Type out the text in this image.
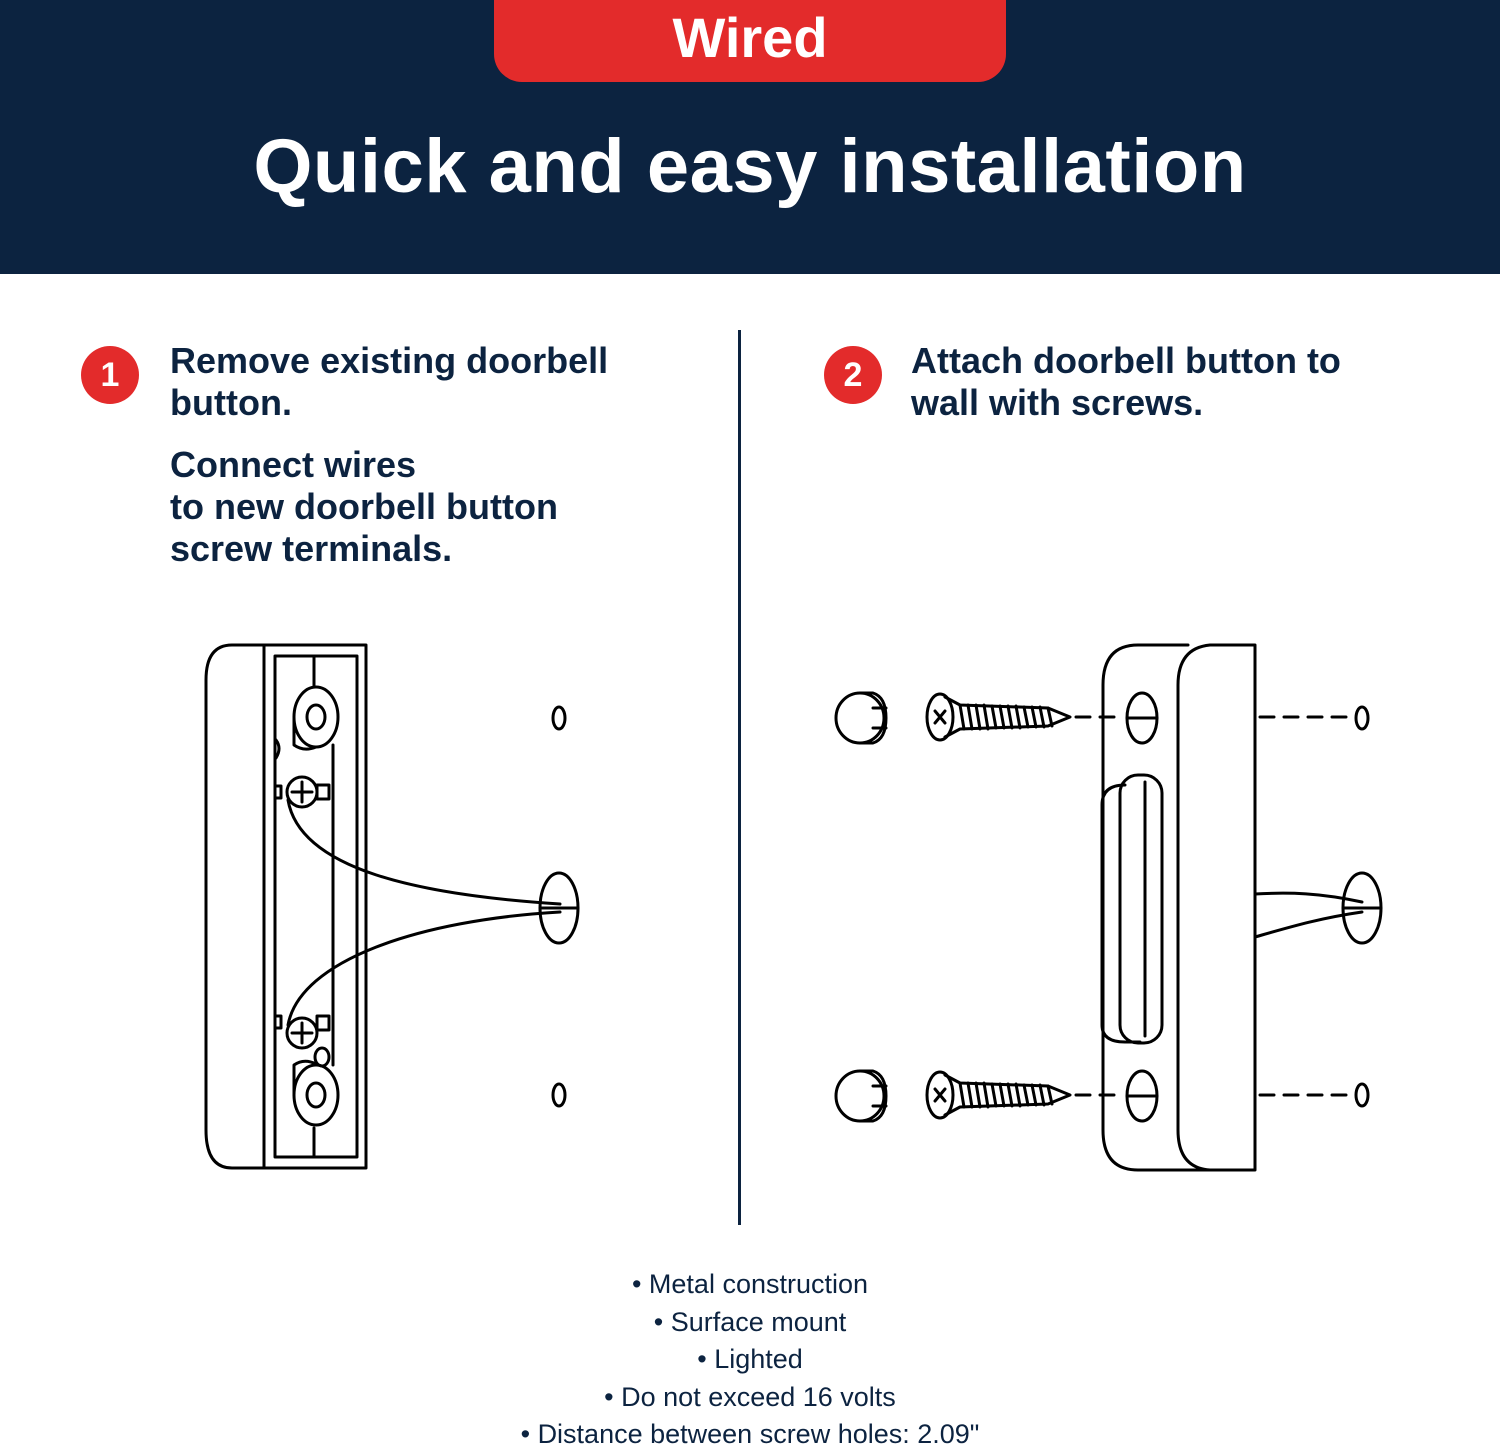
Wired
Quick and easy installation
1	Remove existing doorbell
button.
Connect wires
to new doorbell button
screw terminals.
2	Attach doorbell button to
wall with screws.
• Metal construction
• Surface mount
• Lighted
• Do not exceed 16 volts
• Distance between screw holes: 2.09"
